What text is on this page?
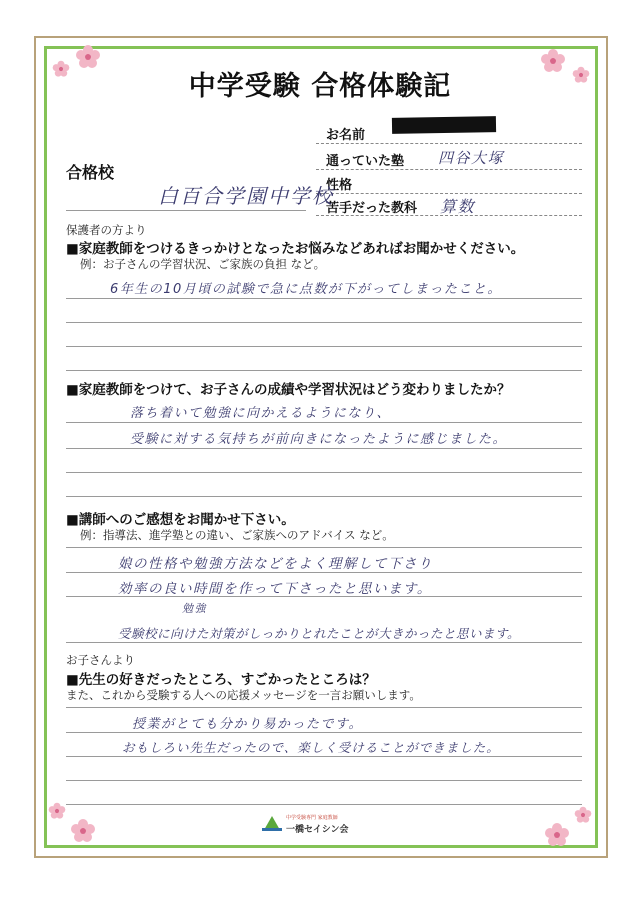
中学受験 合格体験記
お名前
通っていた塾 四谷大塚
性格
苦手だった教科 算数
合格校
白百合学園中学校
保護者の方より
■家庭教師をつけるきっかけとなったお悩みなどあればお聞かせください。
例：お子さんの学習状況、ご家族の負担 など。
6年生の10月頃の試験で急に点数が下がってしまったこと。
■家庭教師をつけて、お子さんの成績や学習状況はどう変わりましたか？
落ち着いて勉強に向かえるようになり、
受験に対する気持ちが前向きになったように感じました。
■講師へのご感想をお聞かせ下さい。
例：指導法、進学塾との違い、ご家族へのアドバイス など。
娘の性格や勉強方法などをよく理解して下さり
効率の良い時間を作って下さったと思います。
勉強
受験校に向けた対策がしっかりとれたことが大きかったと思います。
お子さんより
■先生の好きだったところ、すごかったところは？
また、これから受験する人への応援メッセージを一言お願いします。
授業がとても分かり易かったです。
おもしろい先生だったので、楽しく受けることができました。
中学受験専門 家庭教師
一橋セイシン会
